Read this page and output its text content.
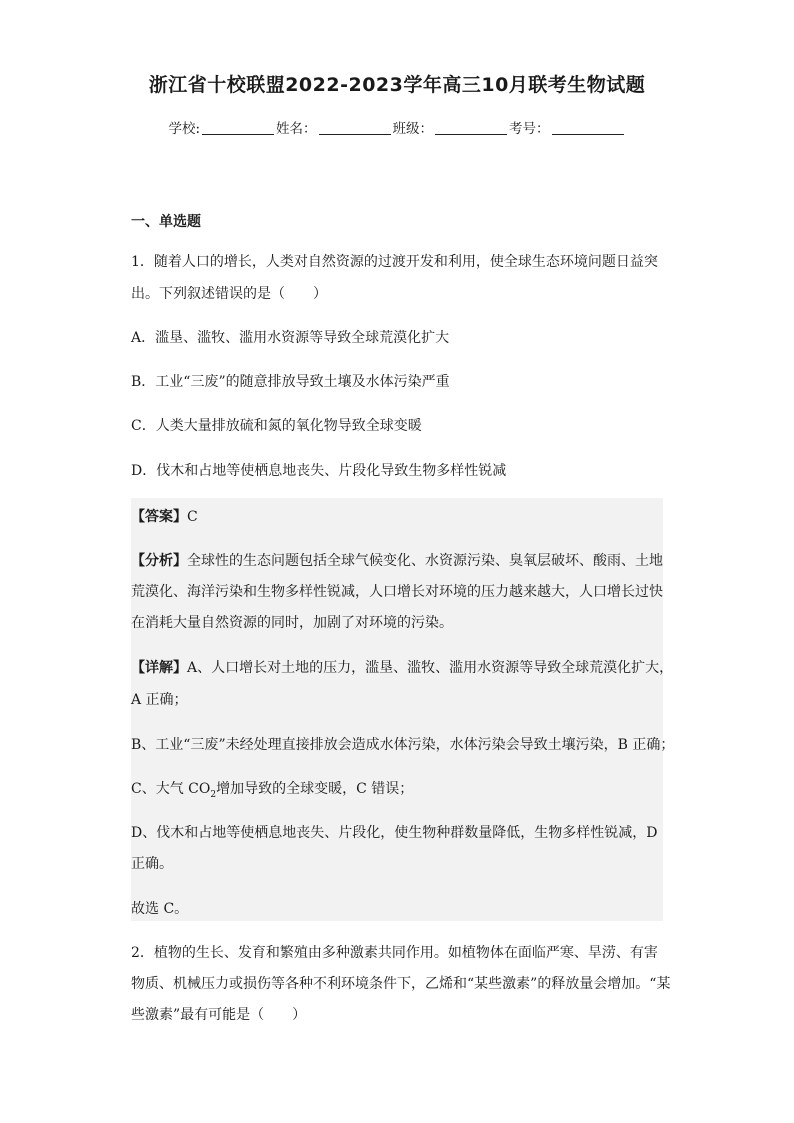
浙江省十校联盟2022-2023学年高三10月联考生物试题
学校:	姓名：	班级：	考号：
一、单选题
1．随着人口的增长，人类对自然资源的过渡开发和利用，使全球生态环境问题日益突
出。下列叙述错误的是（　　）
A．滥垦、滥牧、滥用水资源等导致全球荒漠化扩大
B．工业“三废”的随意排放导致土壤及水体污染严重
C．人类大量排放硫和氮的氧化物导致全球变暖
D．伐木和占地等使栖息地丧失、片段化导致生物多样性锐减
【答案】C
【分析】全球性的生态问题包括全球气候变化、水资源污染、臭氧层破坏、酸雨、土地
荒漠化、海洋污染和生物多样性锐减，人口增长对环境的压力越来越大，人口增长过快
在消耗大量自然资源的同时，加剧了对环境的污染。
【详解】A、人口增长对土地的压力，滥垦、滥牧、滥用水资源等导致全球荒漠化扩大，
A 正确；
B、工业“三废”未经处理直接排放会造成水体污染，水体污染会导致土壤污染，B 正确；
C、大气 $CO_2$增加导致的全球变暖，C 错误；
D、伐木和占地等使栖息地丧失、片段化，使生物种群数量降低，生物多样性锐减，D
正确。
故选 C。
2．植物的生长、发育和繁殖由多种激素共同作用。如植物体在面临严寒、旱涝、有害
物质、机械压力或损伤等各种不利环境条件下，乙烯和“某些激素”的释放量会增加。“某
些激素”最有可能是（　　）
